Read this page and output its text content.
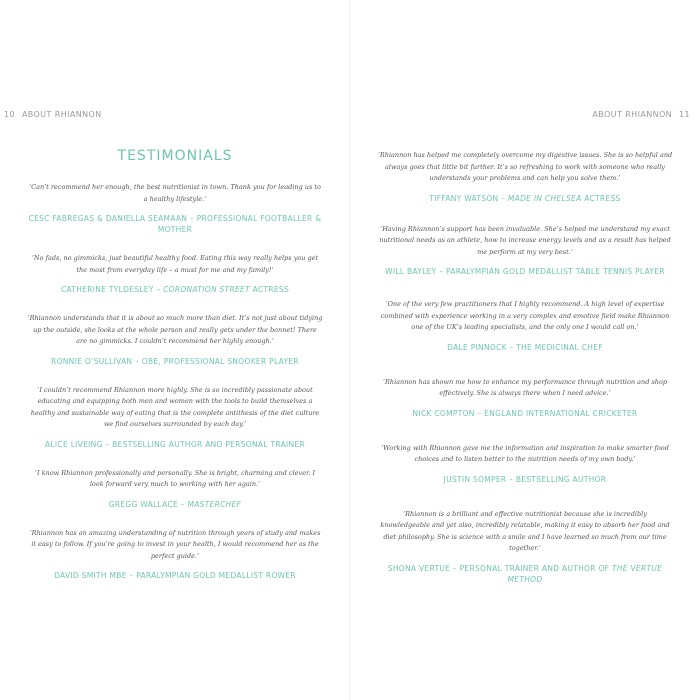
10 ABOUT RHIANNON
TESTIMONIALS
‘Can’t recommend her enough, the best nutritionist in town. Thank you for leading us to a healthy lifestyle.’
CESC FABREGAS & DANIELLA SEAMAAN – PROFESSIONAL FOOTBALLER & MOTHER
‘No fads, no gimmicks, just beautiful healthy food. Eating this way really helps you get the most from everyday life – a must for me and my family!’
CATHERINE TYLDESLEY – CORONATION STREET ACTRESS
‘Rhiannon understands that it is about so much more than diet. It’s not just about tidying up the outside, she looks at the whole person and really gets under the bonnet! There are no gimmicks. I couldn’t recommend her highly enough.’
RONNIE O’SULLIVAN – OBE, PROFESSIONAL SNOOKER PLAYER
‘I couldn’t recommend Rhiannon more highly. She is so incredibly passionate about educating and equipping both men and women with the tools to build themselves a healthy and sustainable way of eating that is the complete antithesis of the diet culture we find ourselves surrounded by each day.’
ALICE LIVEING – BESTSELLING AUTHOR AND PERSONAL TRAINER
‘I know Rhiannon professionally and personally. She is bright, charming and clever. I look forward very much to working with her again.’
GREGG WALLACE – MASTERCHEF
‘Rhiannon has an amazing understanding of nutrition through years of study and makes it easy to follow. If you’re going to invest in your health, I would recommend her as the perfect guide.’
DAVID SMITH MBE – PARALYMPIAN GOLD MEDALLIST ROWER
ABOUT RHIANNON 11
‘Rhiannon has helped me completely overcome my digestive issues. She is so helpful and always goes that little bit further. It’s so refreshing to work with someone who really understands your problems and can help you solve them.’
TIFFANY WATSON – MADE IN CHELSEA ACTRESS
‘Having Rhiannon’s support has been invaluable. She’s helped me understand my exact nutritional needs as an athlete, how to increase energy levels and as a result has helped me perform at my very best.’
WILL BAYLEY – PARALYMPIAN GOLD MEDALLIST TABLE TENNIS PLAYER
‘One of the very few practitioners that I highly recommend. A high level of expertise combined with experience working in a very complex and emotive field make Rhiannon one of the UK’s leading specialists, and the only one I would call on.’
DALE PINNOCK – THE MEDICINAL CHEF
‘Rhiannon has shown me how to enhance my performance through nutrition and shop effectively. She is always there when I need advice.’
NICK COMPTON – ENGLAND INTERNATIONAL CRICKETER
‘Working with Rhiannon gave me the information and inspiration to make smarter food choices and to listen better to the nutrition needs of my own body.’
JUSTIN SOMPER – BESTSELLING AUTHOR
‘Rhiannon is a brilliant and effective nutritionist because she is incredibly knowledgeable and yet also, incredibly relatable, making it easy to absorb her food and diet philosophy. She is science with a smile and I have learned so much from our time together.’
SHONA VERTUE – PERSONAL TRAINER AND AUTHOR OF THE VERTUE METHOD
